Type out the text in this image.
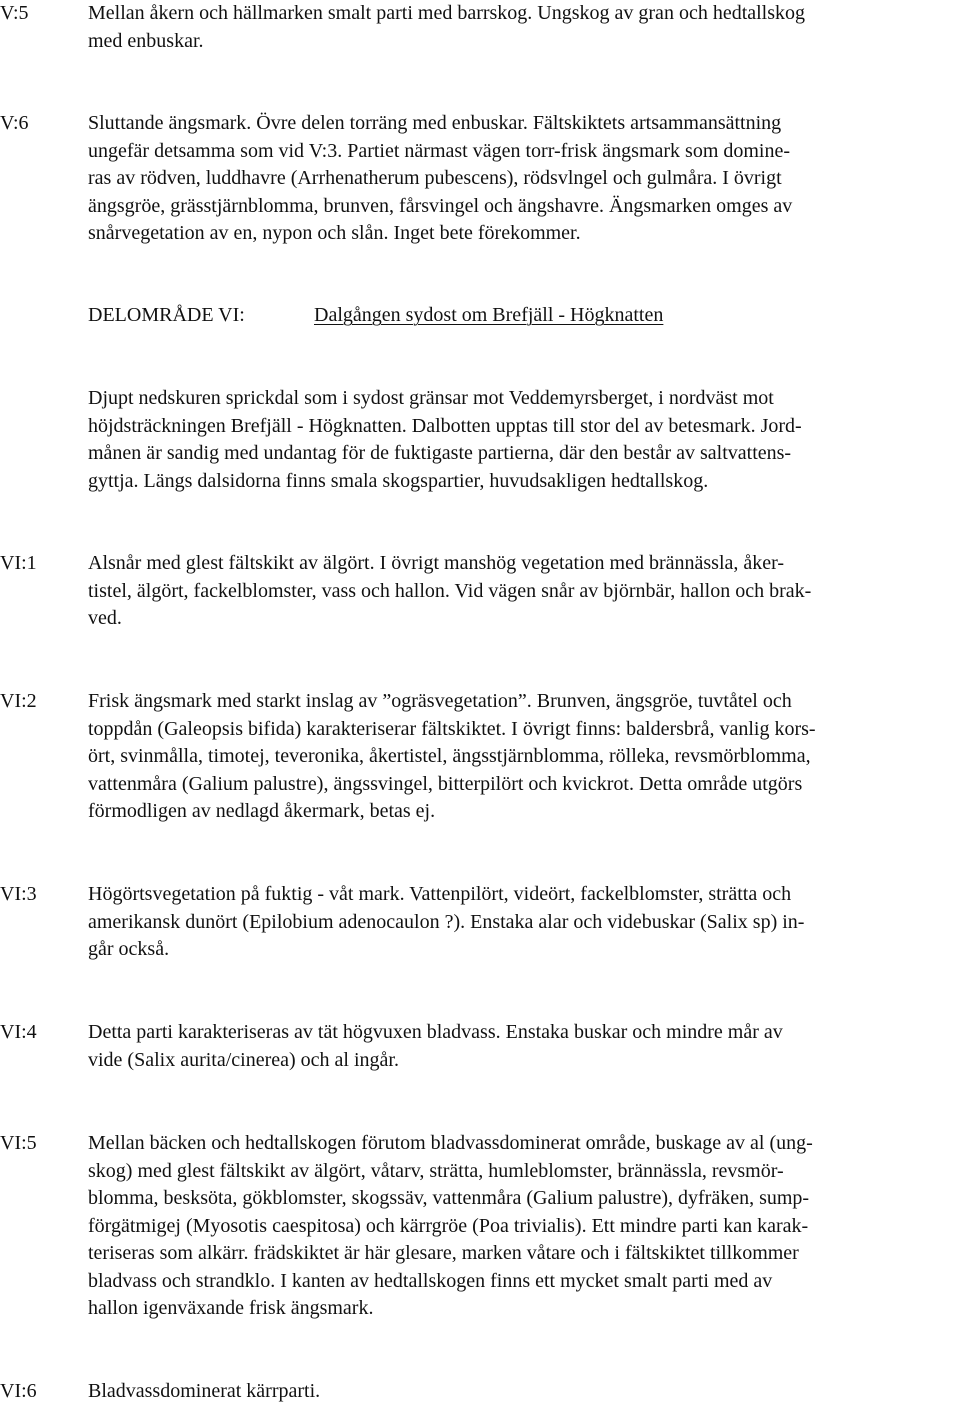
V:5	Mellan åkern och hällmarken smalt parti med barrskog. Ungskog av gran och hedtallskog
med enbuskar.
V:6	Sluttande ängsmark. Övre delen torräng med enbuskar. Fältskiktets artsammansättning
ungefär detsamma som vid V:3. Partiet närmast vägen torr-frisk ängsmark som domine-
ras av rödven, luddhavre (Arrhenatherum pubescens), rödsvlngel och gulmåra. I övrigt
ängsgröe, grässtjärnblomma, brunven, fårsvingel och ängshavre. Ängsmarken omges av
snårvegetation av en, nypon och slån. Inget bete förekommer.
DELOMRÅDE VI:	Dalgången sydost om Brefjäll - Högknatten
Djupt nedskuren sprickdal som i sydost gränsar mot Veddemyrsberget, i nordväst mot
höjdsträckningen Brefjäll - Högknatten. Dalbotten upptas till stor del av betesmark. Jord-
månen är sandig med undantag för de fuktigaste partierna, där den består av saltvattens-
gyttja. Längs dalsidorna finns smala skogspartier, huvudsakligen hedtallskog.
VI:1	Alsnår med glest fältskikt av älgört. I övrigt manshög vegetation med brännässla, åker-
tistel, älgört, fackelblomster, vass och hallon. Vid vägen snår av björnbär, hallon och brak-
ved.
VI:2	Frisk ängsmark med starkt inslag av ”ogräsvegetation”. Brunven, ängsgröe, tuvtåtel och
toppdån (Galeopsis bifida) karakteriserar fältskiktet. I övrigt finns: baldersbrå, vanlig kors-
ört, svinmålla, timotej, teveronika, åkertistel, ängsstjärnblomma, rölleka, revsmörblomma,
vattenmåra (Galium palustre), ängssvingel, bitterpilört och kvickrot. Detta område utgörs
förmodligen av nedlagd åkermark, betas ej.
VI:3	Högörtsvegetation på fuktig - våt mark. Vattenpilört, videört, fackelblomster, strätta och
amerikansk dunört (Epilobium adenocaulon ?). Enstaka alar och videbuskar (Salix sp) in-
går också.
VI:4	Detta parti karakteriseras av tät högvuxen bladvass. Enstaka buskar och mindre mår av
vide (Salix aurita/cinerea) och al ingår.
VI:5	Mellan bäcken och hedtallskogen förutom bladvassdominerat område, buskage av al (ung-
skog) med glest fältskikt av älgört, våtarv, strätta, humleblomster, brännässla, revsmör-
blomma, besksöta, gökblomster, skogssäv, vattenmåra (Galium palustre), dyfräken, sump-
förgätmigej (Myosotis caespitosa) och kärrgröe (Poa trivialis). Ett mindre parti kan karak-
teriseras som alkärr. frädskiktet är här glesare, marken våtare och i fältskiktet tillkommer
bladvass och strandklo. I kanten av hedtallskogen finns ett mycket smalt parti med av
hallon igenväxande frisk ängsmark.
VI:6	Bladvassdominerat kärrparti.
